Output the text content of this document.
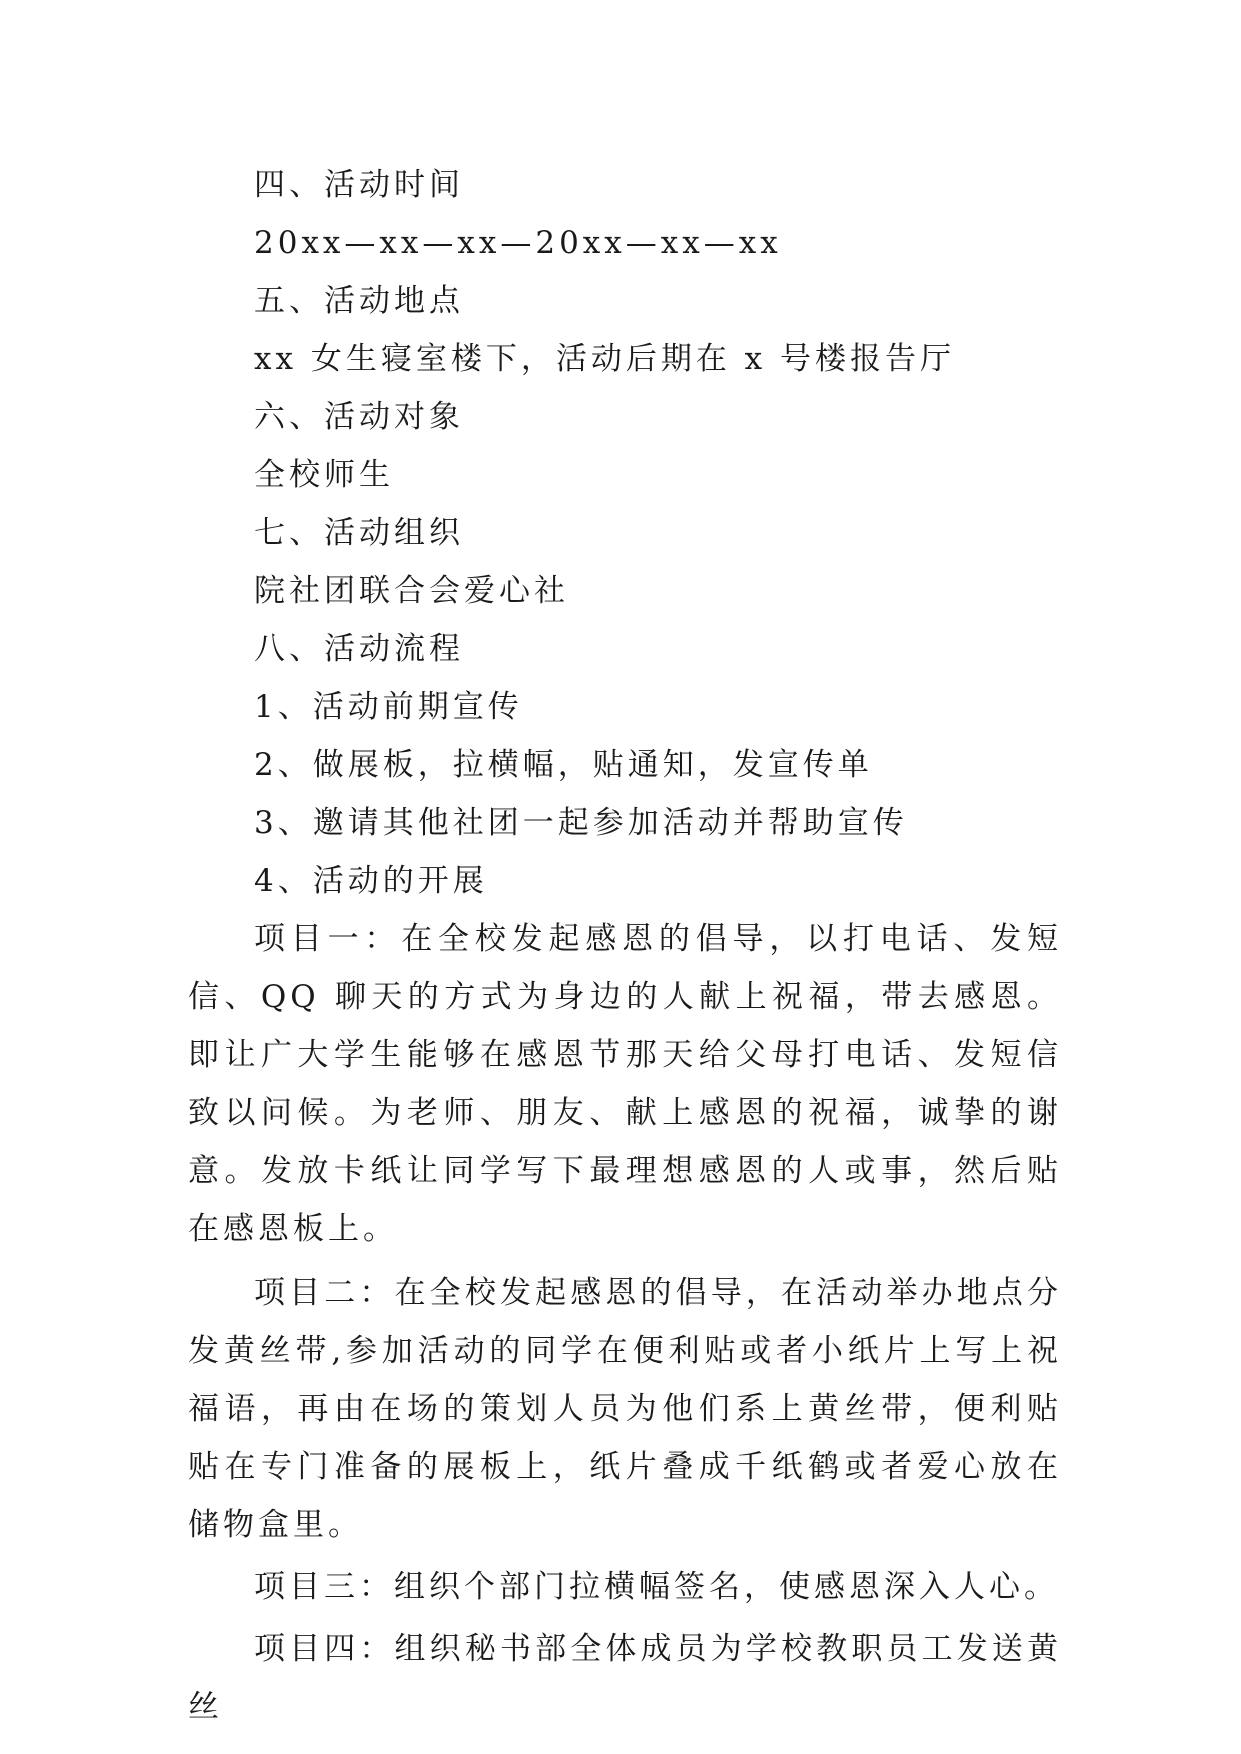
四、活动时间
20xx—xx—xx—20xx—xx—xx
五、活动地点
xx 女生寝室楼下，活动后期在 x 号楼报告厅
六、活动对象
全校师生
七、活动组织
院社团联合会爱心社
八、活动流程
1、活动前期宣传
2、做展板，拉横幅，贴通知，发宣传单
3、邀请其他社团一起参加活动并帮助宣传
4、活动的开展

项目一：在全校发起感恩的倡导，以打电话、发短信、QQ 聊天的方式为身边的人献上祝福，带去感恩。即让广大学生能够在感恩节那天给父母打电话、发短信致以问候。为老师、朋友、献上感恩的祝福，诚挚的谢意。发放卡纸让同学写下最理想感恩的人或事，然后贴在感恩板上。

项目二：在全校发起感恩的倡导，在活动举办地点分发黄丝带,参加活动的同学在便利贴或者小纸片上写上祝福语，再由在场的策划人员为他们系上黄丝带，便利贴贴在专门准备的展板上，纸片叠成千纸鹤或者爱心放在储物盒里。

项目三：组织个部门拉横幅签名，使感恩深入人心。

项目四：组织秘书部全体成员为学校教职员工发送黄丝
